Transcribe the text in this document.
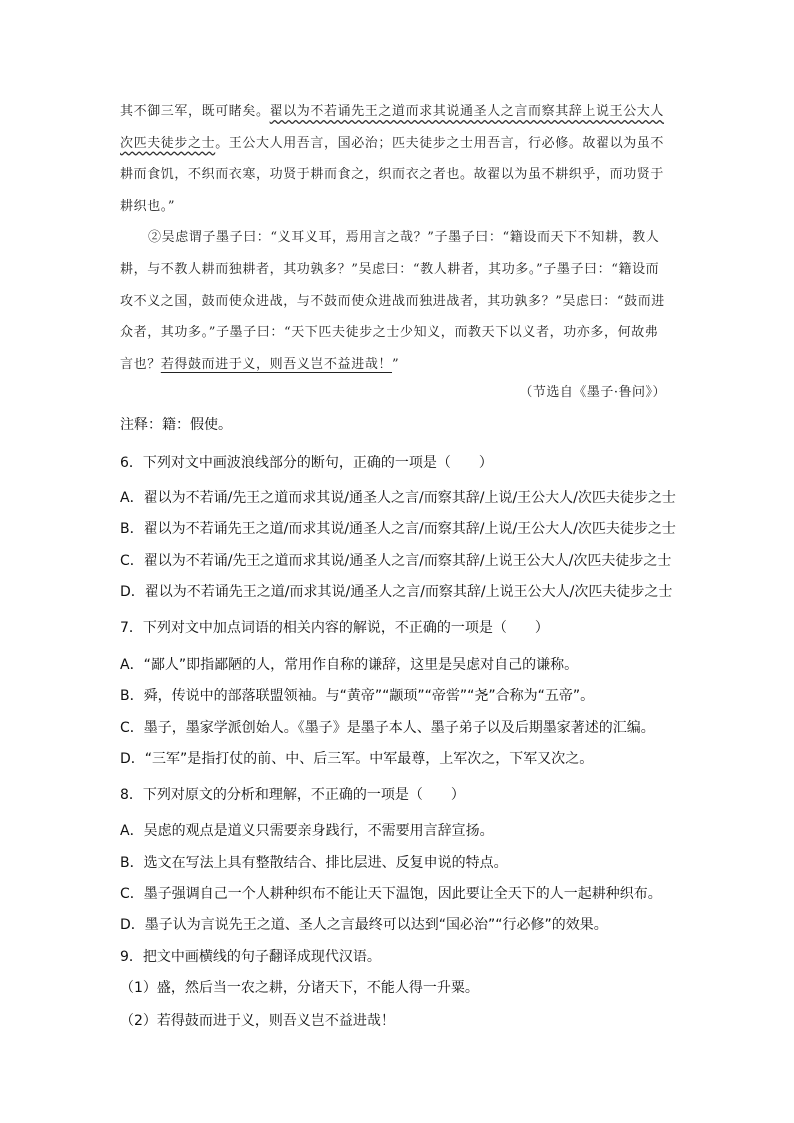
其不御三军，既可睹矣。翟以为不若诵先王之道而求其说通圣人之言而察其辞上说王公大人
次匹夫徒步之士。王公大人用吾言，国必治；匹夫徒步之士用吾言，行必修。故翟以为虽不
耕而食饥，不织而衣寒，功贤于耕而食之，织而衣之者也。故翟以为虽不耕织乎，而功贤于
耕织也。”
②吴虑谓子墨子曰：“义耳义耳，焉用言之哉？”子墨子曰：“籍设而天下不知耕，教人
耕，与不教人耕而独耕者，其功孰多？”吴虑曰：“教人耕者，其功多。”子墨子曰：“籍设而
攻不义之国，鼓而使众进战，与不鼓而使众进战而独进战者，其功孰多？”吴虑曰：“鼓而进
众者，其功多。”子墨子曰：“天下匹夫徒步之士少知义，而教天下以义者，功亦多，何故弗
言也？若得鼓而进于义，则吾义岂不益进哉！”
（节选自《墨子·鲁问》）
注释：籍：假使。
6．下列对文中画波浪线部分的断句，正确的一项是（　　）
A．翟以为不若诵/先王之道而求其说/通圣人之言/而察其辞/上说/王公大人/次匹夫徒步之士
B．翟以为不若诵先王之道/而求其说/通圣人之言/而察其辞/上说/王公大人/次匹夫徒步之士
C．翟以为不若诵/先王之道而求其说/通圣人之言/而察其辞/上说王公大人/次匹夫徒步之士
D．翟以为不若诵先王之道/而求其说/通圣人之言/而察其辞/上说王公大人/次匹夫徒步之士
7．下列对文中加点词语的相关内容的解说，不正确的一项是（　　）
A．“鄙人”即指鄙陋的人，常用作自称的谦辞，这里是吴虑对自己的谦称。
B．舜，传说中的部落联盟领袖。与“黄帝”“颛顼”“帝喾”“尧”合称为“五帝”。
C．墨子，墨家学派创始人。《墨子》是墨子本人、墨子弟子以及后期墨家著述的汇编。
D．“三军”是指打仗的前、中、后三军。中军最尊，上军次之，下军又次之。
8．下列对原文的分析和理解，不正确的一项是（　　）
A．吴虑的观点是道义只需要亲身践行，不需要用言辞宣扬。
B．选文在写法上具有整散结合、排比层进、反复申说的特点。
C．墨子强调自己一个人耕种织布不能让天下温饱，因此要让全天下的人一起耕种织布。
D．墨子认为言说先王之道、圣人之言最终可以达到“国必治”“行必修”的效果。
9．把文中画横线的句子翻译成现代汉语。
（1）盛，然后当一农之耕，分诸天下，不能人得一升粟。
（2）若得鼓而进于义，则吾义岂不益进哉！
